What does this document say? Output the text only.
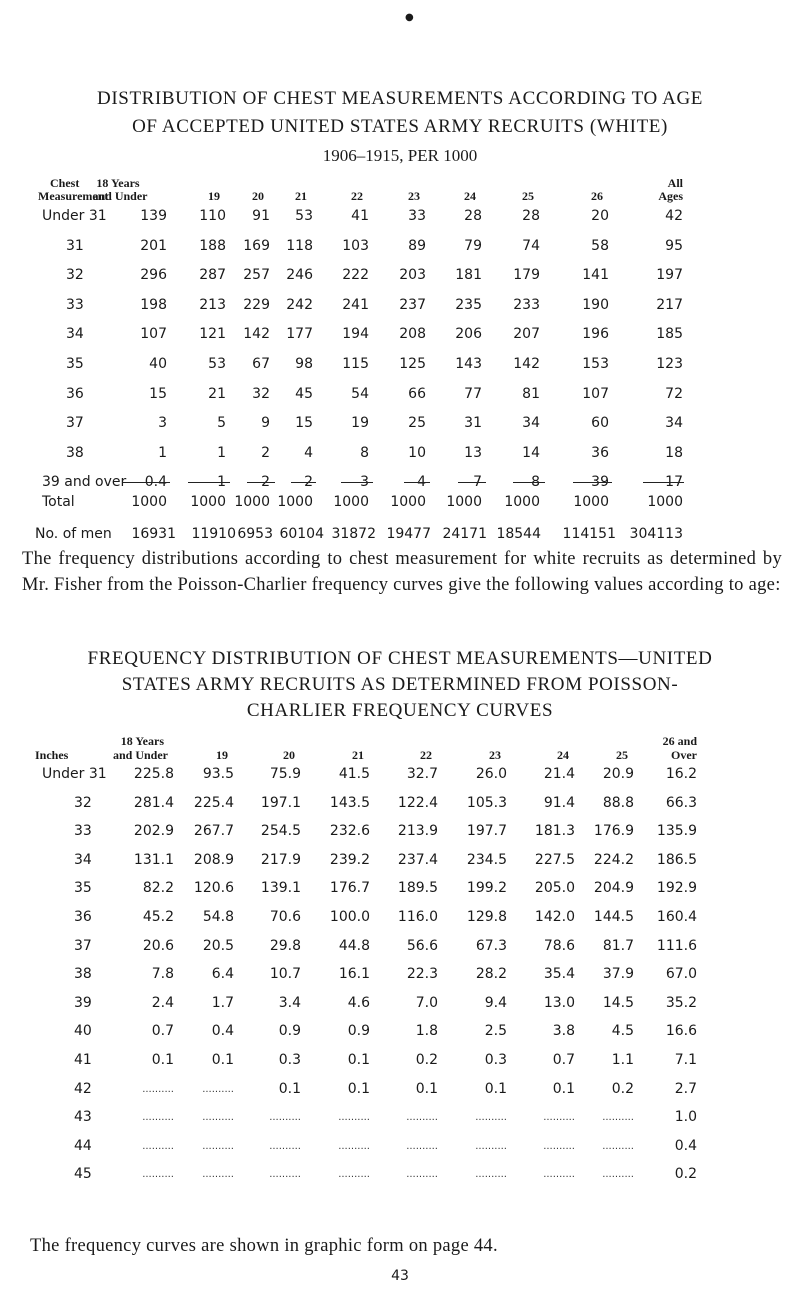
●
DISTRIBUTION OF CHEST MEASUREMENTS ACCORDING TO AGE
OF ACCEPTED UNITED STATES ARMY RECRUITS (WHITE)
1906–1915, PER 1000
Chest
Measurement
18 Years
and Under	19	20	21	22	23	24	25	26
All
Ages
Under 31	139	110	91	53	41	33	28	28	20	42
31	201	188	169	118	103	89	79	74	58	95
32	296	287	257	246	222	203	181	179	141	197
33	198	213	229	242	241	237	235	233	190	217
34	107	121	142	177	194	208	206	207	196	185
35	40	53	67	98	115	125	143	142	153	123
36	15	21	32	45	54	66	77	81	107	72
37	3	5	9	15	19	25	31	34	60	34
38	1	1	2	4	8	10	13	14	36	18
39 and over	0.4	1	2	2	3	4	7	8	39	17
Total	1000	1000 1000 1000	1000	1000	1000	1000	1000	1000
No. of men	16931	11910 6953 60104 31872 19477 24171 18544	114151 304113
The frequency distributions according to chest measurement for white recruits as determined by Mr. Fisher from the Poisson-Charlier frequency curves give the following values according to age:
FREQUENCY DISTRIBUTION OF CHEST MEASUREMENTS—UNITED
STATES ARMY RECRUITS AS DETERMINED FROM POISSON-
CHARLIER FREQUENCY CURVES
Inches
18 Years
and Under	19	20	21	22	23	24	25
26 and
Over
Under 31	225.8	93.5	75.9	41.5	32.7	26.0	21.4	20.9	16.2
32	281.4	225.4	197.1	143.5	122.4	105.3	91.4	88.8	66.3
33	202.9	267.7	254.5	232.6	213.9	197.7	181.3	176.9	135.9
34	131.1	208.9	217.9	239.2	237.4	234.5	227.5	224.2	186.5
35	82.2	120.6	139.1	176.7	189.5	199.2	205.0	204.9	192.9
36	45.2	54.8	70.6	100.0	116.0	129.8	142.0	144.5	160.4
37	20.6	20.5	29.8	44.8	56.6	67.3	78.6	81.7	111.6
38	7.8	6.4	10.7	16.1	22.3	28.2	35.4	37.9	67.0
39	2.4	1.7	3.4	4.6	7.0	9.4	13.0	14.5	35.2
40	0.7	0.4	0.9	0.9	1.8	2.5	3.8	4.5	16.6
41	0.1	0.1	0.3	0.1	0.2	0.3	0.7	1.1	7.1
42	..........	..........	0.1	0.1	0.1	0.1	0.1	0.2	2.7
43	..........	..........	..........	..........	..........	..........	..........	..........	1.0
44	..........	..........	..........	..........	..........	..........	..........	..........	0.4
45	..........	..........	..........	..........	..........	..........	..........	..........	0.2
The frequency curves are shown in graphic form on page 44.
43
